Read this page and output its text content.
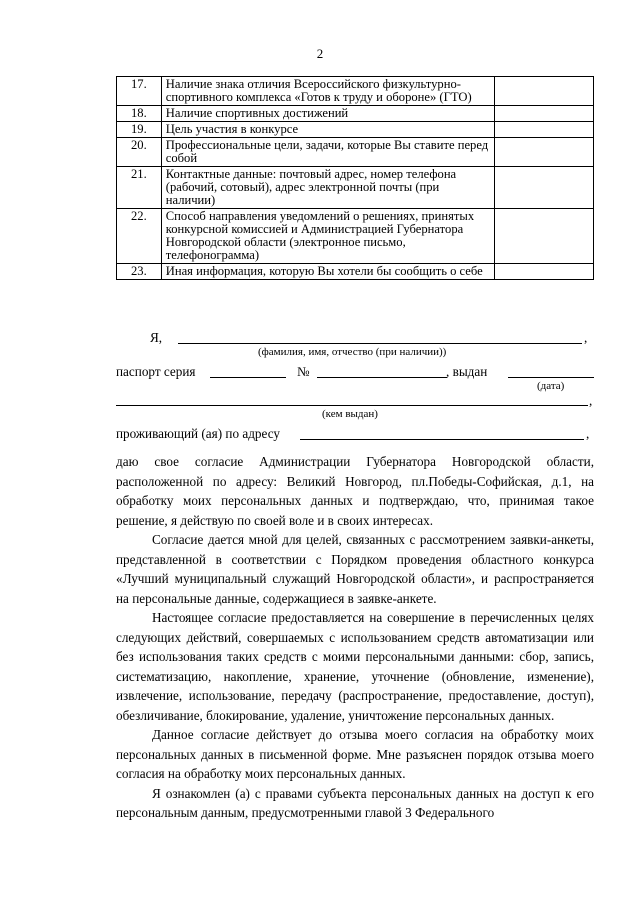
2
17.	Наличие знака отличия Всероссийского физкультурно-спортивного комплекса «Готов к труду и обороне» (ГТО)	
18.	Наличие спортивных достижений	
19.	Цель участия в конкурсе	
20.	Профессиональные цели, задачи, которые Вы ставите перед собой	
21.	Контактные данные: почтовый адрес, номер телефона (рабочий, сотовый), адрес электронной почты (при наличии)	
22.	Способ направления уведомлений о решениях, принятых конкурсной комиссией и Администрацией Губернатора Новгородской области (электронное письмо, телефонограмма)	
23.	Иная информация, которую Вы хотели бы сообщить о себе	
Я,	,
(фамилия, имя, отчество (при наличии))
паспорт серия	№	, выдан
(дата)
,
(кем выдан)
проживающий (ая) по адресу	,

даю свое согласие Администрации Губернатора Новгородской области, расположенной по адресу: Великий Новгород, пл.Победы-Софийская, д.1, на обработку моих персональных данных и подтверждаю, что, принимая такое решение, я действую по своей воле и в своих интересах.

Согласие дается мной для целей, связанных с рассмотрением заявки-анкеты, представленной в соответствии с Порядком проведения областного конкурса «Лучший муниципальный служащий Новгородской области», и распространяется на персональные данные, содержащиеся в заявке-анкете.

Настоящее согласие предоставляется на совершение в перечисленных целях следующих действий, совершаемых с использованием средств автоматизации или без использования таких средств с моими персональными данными: сбор, запись, систематизацию, накопление, хранение, уточнение (обновление, изменение), извлечение, использование, передачу (распространение, предоставление, доступ), обезличивание, блокирование, удаление, уничтожение персональных данных.

Данное согласие действует до отзыва моего согласия на обработку моих персональных данных в письменной форме. Мне разъяснен порядок отзыва моего согласия на обработку моих персональных данных.

Я ознакомлен (а) с правами субъекта персональных данных на доступ к его персональным данным, предусмотренными главой 3 Федерального
